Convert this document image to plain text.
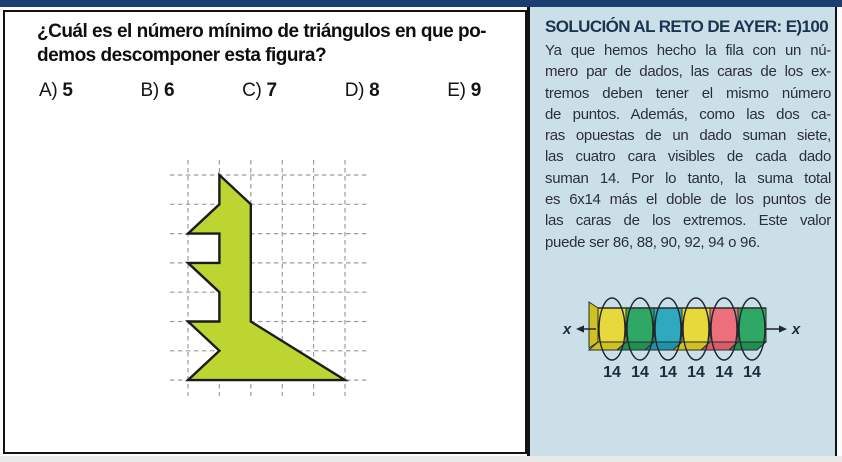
¿Cuál es el número mínimo de triángulos en que po-
demos descomponer esta figura?
A) 5	B) 6	C) 7	D) 8	E) 9
SOLUCIÓN AL RETO DE AYER: E)100
Ya que hemos hecho la fila con un nú-
mero par de dados, las caras de los ex-
tremos deben tener el mismo número
de puntos. Además, como las dos ca-
ras opuestas de un dado suman siete,
las cuatro cara visibles de cada dado
suman 14. Por lo tanto, la suma total
es 6x14 más el doble de los puntos de
las caras de los extremos. Este valor
puede ser 86, 88, 90, 92, 94 o 96.
14 14 14 14 14 14
x	x
